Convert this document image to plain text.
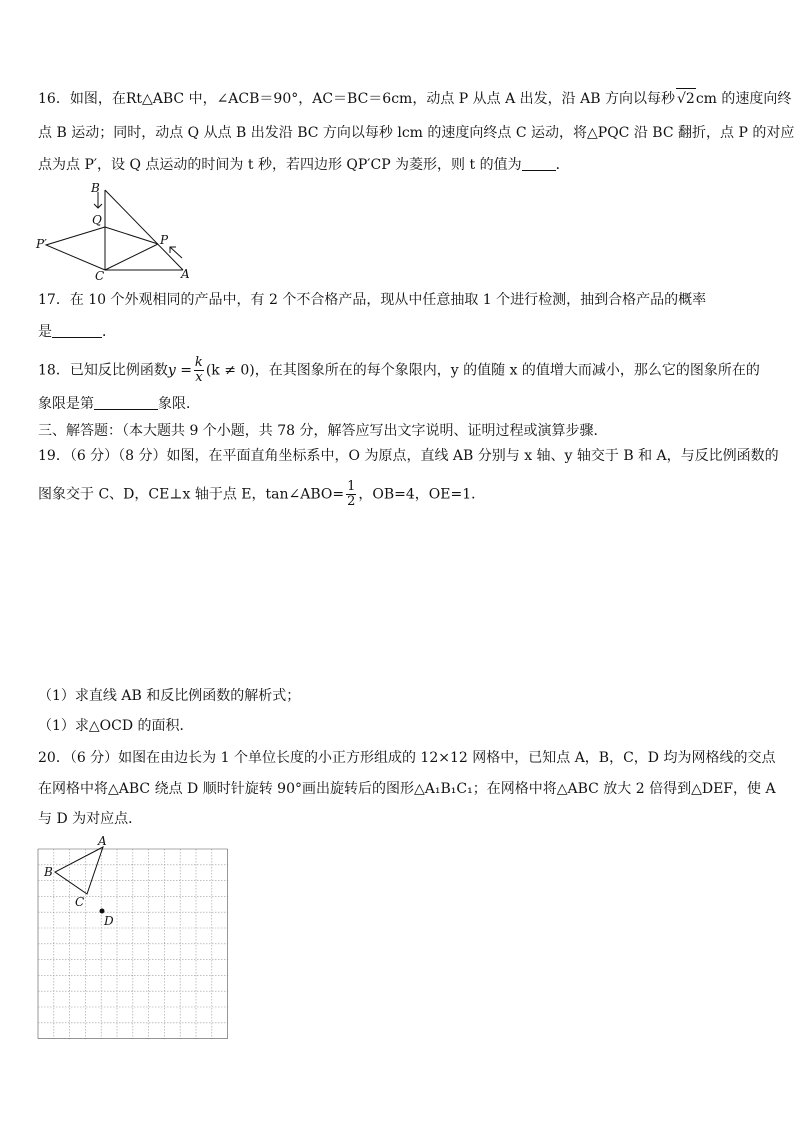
16．如图，在Rt△ABC 中，∠ACB＝90°，AC＝BC＝6cm，动点 P 从点 A 出发，沿 AB 方向以每秒 √2cm 的速度向终
点 B 运动；同时，动点 Q 从点 B 出发沿 BC 方向以每秒 lcm 的速度向终点 C 运动，将△PQC 沿 BC 翻折，点 P 的对应
点为点 P′，设 Q 点运动的时间为 t 秒，若四边形 QP′CP 为菱形，则 t 的值为 ．
B
Q
P′	P
C	A
17．在 10 个外观相同的产品中，有 2 个不合格产品，现从中任意抽取 1 个进行检测，抽到合格产品的概率
是	．
18．已知反比例函数$y = \frac{k}{x} (k \ne 0)$，在其图象所在的每个象限内，y 的值随 x 的值增大而减小，那么它的图象所在的
象限是第	象限．
三、解答题：（本大题共 9 个小题，共 78 分，解答应写出文字说明、证明过程或演算步骤．
19．（6 分）（8 分）如图，在平面直角坐标系中，O 为原点，直线 AB 分别与 x 轴、y 轴交于 B 和 A，与反比例函数的
图象交于 C、D，CE⊥x 轴于点 E，tan∠ABO= $\frac{1}{2}$ ，OB=4，OE=1．
（1）求直线 AB 和反比例函数的解析式；
（1）求△OCD 的面积．
20．（6 分）如图在由边长为 1 个单位长度的小正方形组成的 12×12 网格中，已知点 A，B，C，D 均为网格线的交点
在网格中将△ABC 绕点 D 顺时针旋转 90°画出旋转后的图形△A₁B₁C₁；在网格中将△ABC 放大 2 倍得到△DEF，使 A
与 D 为对应点．
A
B
C
D
